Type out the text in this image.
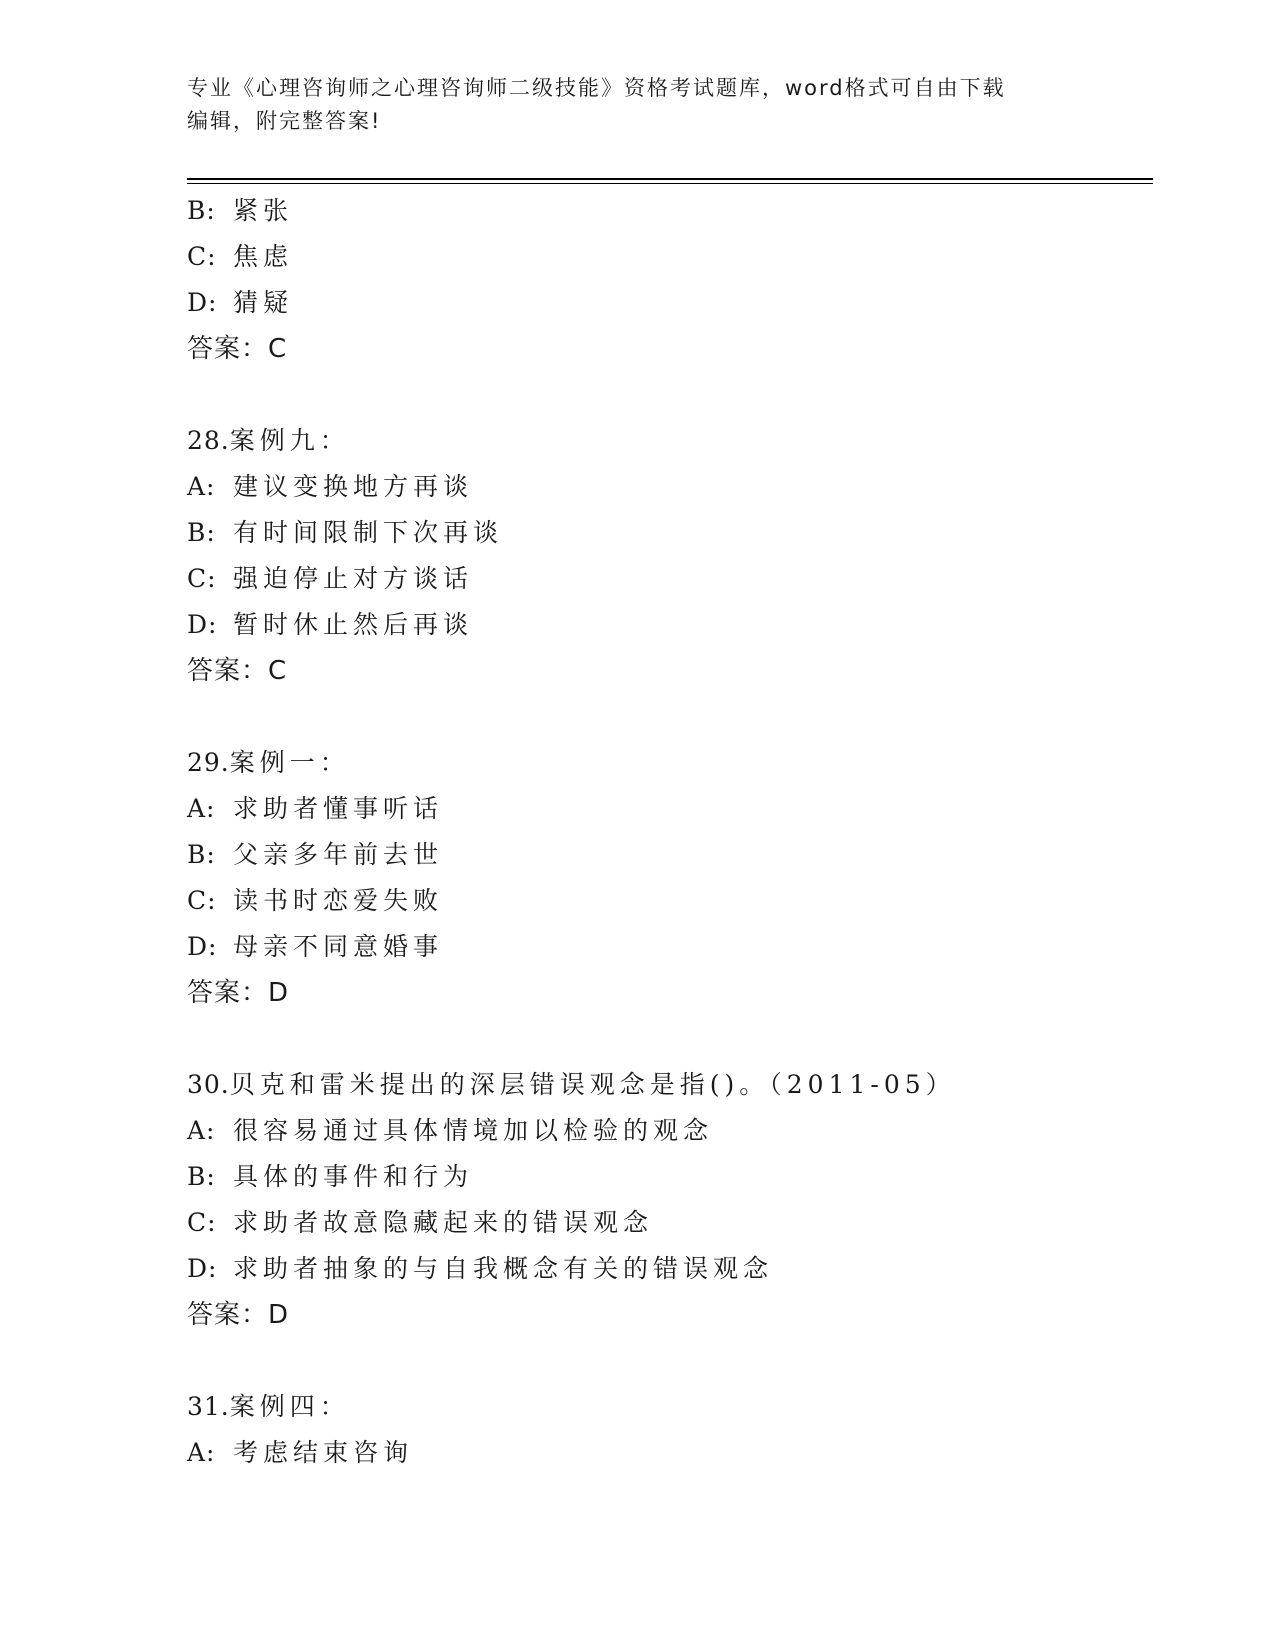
专业《心理咨询师之心理咨询师二级技能》资格考试题库，word格式可自由下载
编辑，附完整答案!
B: 紧张
C: 焦虑
D: 猜疑
答案：C
28.案例九：
A: 建议变换地方再谈
B: 有时间限制下次再谈
C: 强迫停止对方谈话
D: 暂时休止然后再谈
答案：C
29.案例一：
A: 求助者懂事听话
B: 父亲多年前去世
C: 读书时恋爱失败
D: 母亲不同意婚事
答案：D
30.贝克和雷米提出的深层错误观念是指()。（2011-05）
A: 很容易通过具体情境加以检验的观念
B: 具体的事件和行为
C: 求助者故意隐藏起来的错误观念
D: 求助者抽象的与自我概念有关的错误观念
答案：D
31.案例四：
A: 考虑结束咨询
